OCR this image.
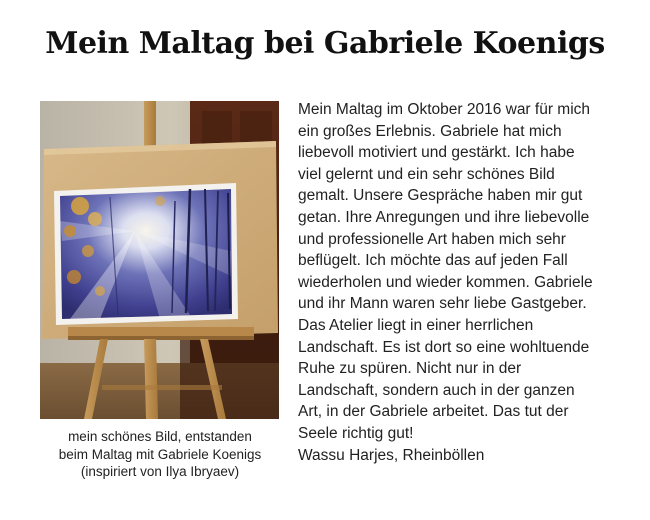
Mein Maltag bei Gabriele Koenigs
mein schönes Bild, entstanden
beim Maltag mit Gabriele Koenigs
(inspiriert von Ilya Ibryaev)
Mein Maltag im Oktober 2016 war für mich
ein großes Erlebnis. Gabriele hat mich
liebevoll motiviert und gestärkt. Ich habe
viel gelernt und ein sehr schönes Bild
gemalt. Unsere Gespräche haben mir gut
getan. Ihre Anregungen und ihre liebevolle
und professionelle Art haben mich sehr
beflügelt. Ich möchte das auf jeden Fall
wiederholen und wieder kommen. Gabriele
und ihr Mann waren sehr liebe Gastgeber.
Das Atelier liegt in einer herrlichen
Landschaft. Es ist dort so eine wohltuende
Ruhe zu spüren. Nicht nur in der
Landschaft, sondern auch in der ganzen
Art, in der Gabriele arbeitet. Das tut der
Seele richtig gut!
Wassu Harjes, Rheinböllen
